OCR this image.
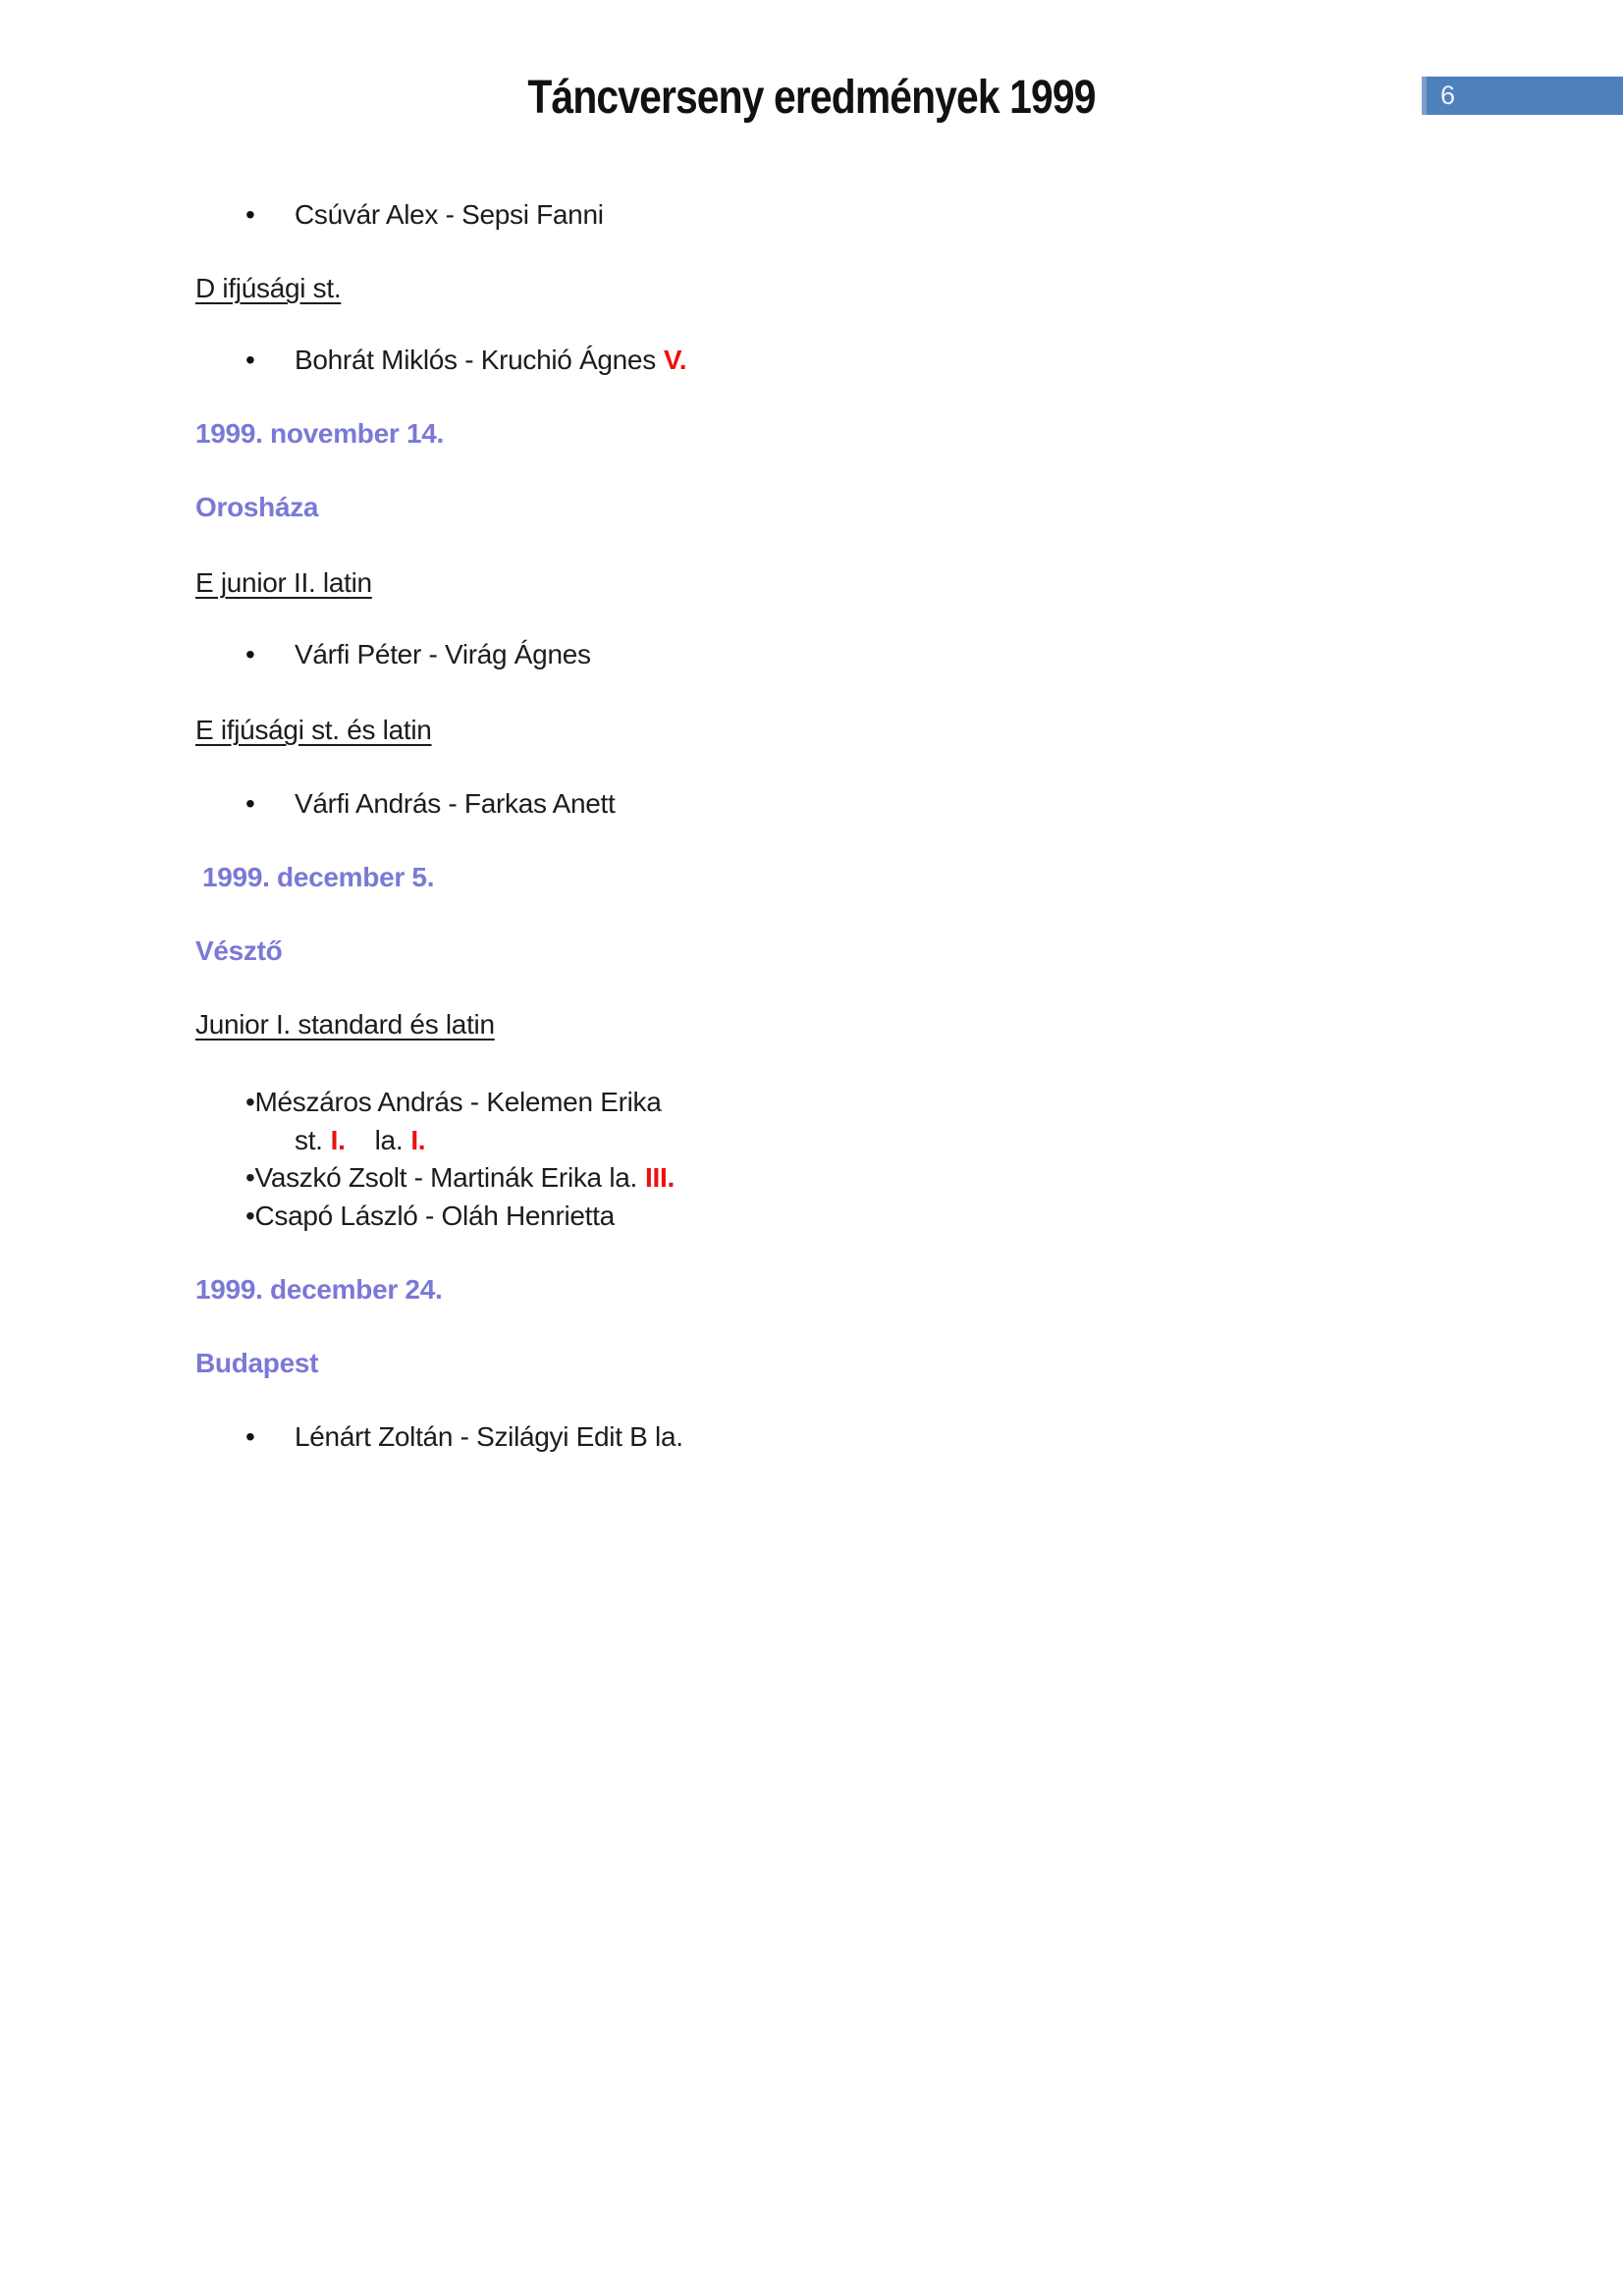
Táncverseny eredmények 1999	6
• Csúvár Alex - Sepsi Fanni
D ifjúsági st.
• Bohrát Miklós - Kruchió Ágnes V.
1999. november 14.
Orosháza
E junior II. latin
• Várfi Péter - Virág Ágnes
E ifjúsági st. és latin
• Várfi András - Farkas Anett
1999. december 5.
Vésztő
Junior I. standard és latin
•Mészáros András - Kelemen Erika
st. I. la. I.
•Vaszkó Zsolt - Martinák Erika la. III.
•Csapó László - Oláh Henrietta
1999. december 24.
Budapest
• Lénárt Zoltán - Szilágyi Edit B la.
